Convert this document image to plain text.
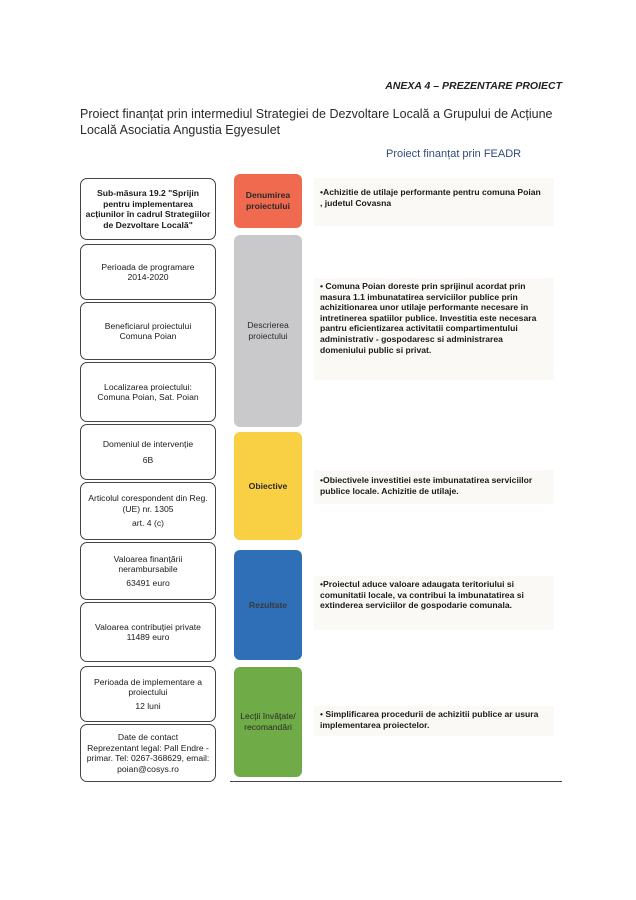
ANEXA 4 – PREZENTARE PROIECT
Proiect finanțat prin intermediul Strategiei de Dezvoltare Locală a Grupului de Acțiune Locală Asociatia Angustia Egyesulet
Proiect finanțat prin FEADR
Sub-măsura 19.2 "Sprijin pentru implementarea acțiunilor în cadrul Strategiilor de Dezvoltare Locală"
Perioada de programare
2014-2020
Beneficiarul proiectului
Comuna Poian
Localizarea proiectului:
Comuna Poian, Sat. Poian
Domeniul de intervenție
6B
Articolul corespondent din Reg. (UE) nr. 1305
art. 4 (c)
Valoarea finanțării nerambursabile
63491 euro
Valoarea contribuției private
11489 euro
Perioada de implementare a proiectului
12 luni
Date de contact
Reprezentant legal: Pall Endre - primar. Tel: 0267-368629, email: poian@cosys.ro
Denumirea proiectului
Descrierea proiectului
Obiective
Rezultate
Lecții învățate/ recomandări
•Achizitie de utilaje performante pentru comuna Poian , judetul Covasna
• Comuna Poian doreste prin sprijinul acordat prin masura 1.1 imbunatatirea serviciilor publice prin achizitionarea unor utilaje performante necesare in intretinerea spatiilor publice. Investitia este necesara pantru eficientizarea activitatii compartimentului administrativ - gospodaresc si administrarea domeniului public si privat.
•Obiectivele investitiei este imbunatatirea serviciilor publice locale. Achizitie de utilaje.
•Proiectul aduce valoare adaugata teritoriului si comunitatii locale, va contribui la imbunatatirea si extinderea serviciilor de gospodarie comunala.
• Simplificarea procedurii de achizitii publice ar usura implementarea proiectelor.
